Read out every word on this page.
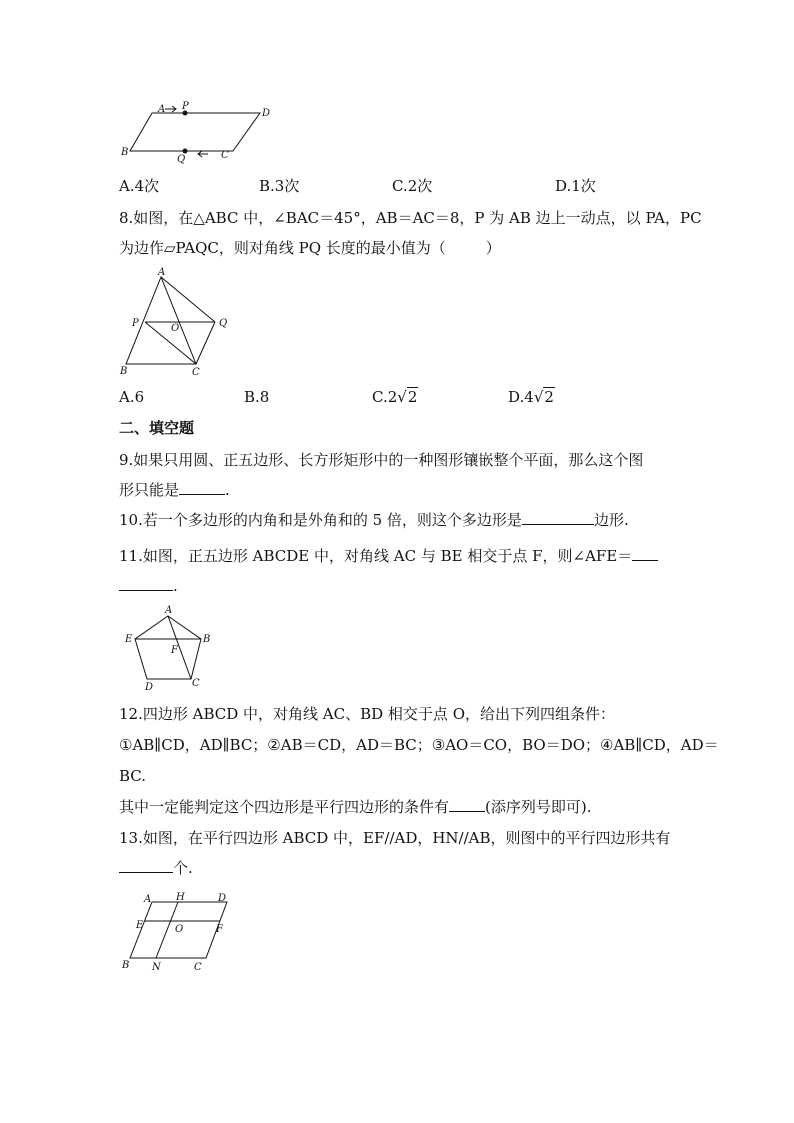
A P
D
B
Q	C
A.4次	B.3次	C.2次	D.1次
8.如图，在△ABC 中，∠BAC＝45°，AB＝AC＝8，P 为 AB 边上一动点，以 PA，PC
为边作▱PAQC，则对角线 PQ 长度的最小值为（	）
A
P	O	Q
B	C
A.6	B.8	C.2√2	D.4√2
二、填空题
9.如果只用圆、正五边形、长方形矩形中的一种图形镶嵌整个平面，那么这个图
形只能是	.
10.若一个多边形的内角和是外角和的 5 倍，则这个多边形是	边形.
11.如图，正五边形 ABCDE 中，对角线 AC 与 BE 相交于点 F，则∠AFE＝
.
A
E	B
F
D	C
12.四边形 ABCD 中，对角线 AC、BD 相交于点 O，给出下列四组条件：
①AB∥CD，AD∥BC；②AB＝CD，AD＝BC；③AO＝CO，BO＝DO；④AB∥CD，AD＝
BC.
其中一定能判定这个四边形是平行四边形的条件有 (添序列号即可).
13.如图，在平行四边形 ABCD 中，EF//AD，HN//AB，则图中的平行四边形共有
个.
A H	D
E	O	F
B N	C
